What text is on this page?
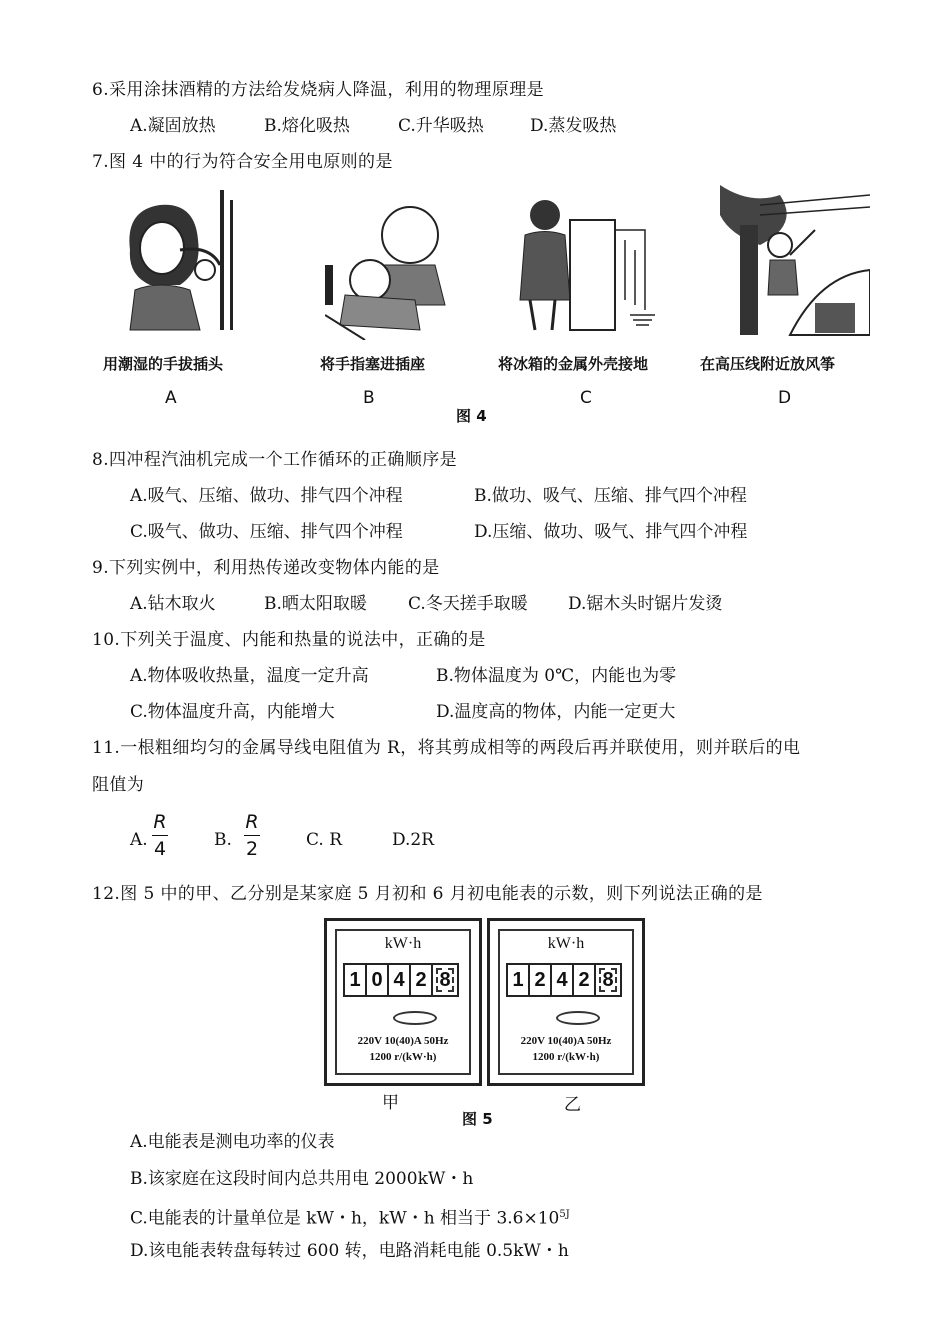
6.采用涂抹酒精的方法给发烧病人降温，利用的物理原理是
A.凝固放热	B.熔化吸热	C.升华吸热	D.蒸发吸热
7.图 4 中的行为符合安全用电原则的是
用潮湿的手拔插头	将手指塞进插座	将冰箱的金属外壳接地	在高压线附近放风筝
A	B	C	D
图 4
8.四冲程汽油机完成一个工作循环的正确顺序是
A.吸气、压缩、做功、排气四个冲程	B.做功、吸气、压缩、排气四个冲程
C.吸气、做功、压缩、排气四个冲程	D.压缩、做功、吸气、排气四个冲程
9.下列实例中，利用热传递改变物体内能的是
A.钻木取火	B.晒太阳取暖 C.冬天搓手取暖 D.锯木头时锯片发烫
10.下列关于温度、内能和热量的说法中，正确的是
A.物体吸收热量，温度一定升高	B.物体温度为 0℃，内能也为零
C.物体温度升高，内能增大	D.温度高的物体，内能一定更大
11.一根粗细均匀的金属导线电阻值为 R，将其剪成相等的两段后再并联使用，则并联后的电
阻值为
A.
R
4	B.
R
2	C. R	D.2R
12.图 5 中的甲、乙分别是某家庭 5 月初和 6 月初电能表的示数，则下列说法正确的是
kW·h
1 0 4 2 8
220V 10(40)A 50Hz
1200 r/(kW·h)
kW·h
1 2 4 2 8
220V 10(40)A 50Hz
1200 r/(kW·h)
甲	乙
图 5
A.电能表是测电功率的仪表
B.该家庭在这段时间内总共用电 2000kW・h
C.电能表的计量单位是 kW・h，kW・h 相当于 $3.6\times 10^{5J}$
D.该电能表转盘每转过 600 转，电路消耗电能 0.5kW・h
